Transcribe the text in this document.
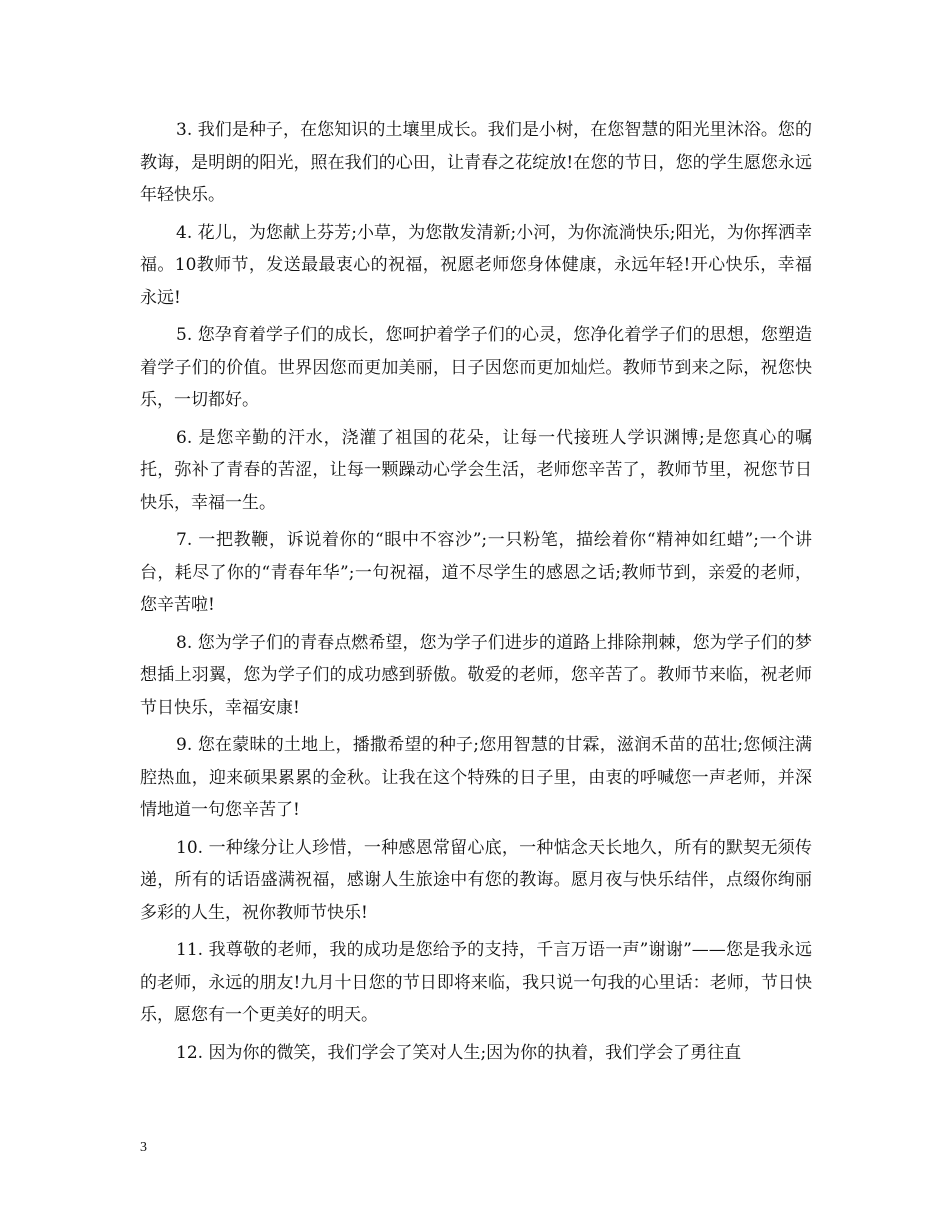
3. 我们是种子，在您知识的土壤里成长。我们是小树，在您智慧的阳光里沐浴。您的教诲，是明朗的阳光，照在我们的心田，让青春之花绽放!在您的节日，您的学生愿您永远年轻快乐。

4. 花儿，为您献上芬芳;小草，为您散发清新;小河，为你流淌快乐;阳光，为你挥洒幸福。10教师节，发送最最衷心的祝福，祝愿老师您身体健康，永远年轻!开心快乐，幸福永远!

5. 您孕育着学子们的成长，您呵护着学子们的心灵，您净化着学子们的思想，您塑造着学子们的价值。世界因您而更加美丽，日子因您而更加灿烂。教师节到来之际，祝您快乐，一切都好。

6. 是您辛勤的汗水，浇灌了祖国的花朵，让每一代接班人学识渊博;是您真心的嘱托，弥补了青春的苦涩，让每一颗躁动心学会生活，老师您辛苦了，教师节里，祝您节日快乐，幸福一生。

7. 一把教鞭，诉说着你的“眼中不容沙”;一只粉笔，描绘着你“精神如红蜡”;一个讲台，耗尽了你的“青春年华”;一句祝福，道不尽学生的感恩之话;教师节到，亲爱的老师，您辛苦啦!

8. 您为学子们的青春点燃希望，您为学子们进步的道路上排除荆棘，您为学子们的梦想插上羽翼，您为学子们的成功感到骄傲。敬爱的老师，您辛苦了。教师节来临，祝老师节日快乐，幸福安康!

9. 您在蒙昧的土地上，播撒希望的种子;您用智慧的甘霖，滋润禾苗的茁壮;您倾注满腔热血，迎来硕果累累的金秋。让我在这个特殊的日子里，由衷的呼喊您一声老师，并深情地道一句您辛苦了!

10. 一种缘分让人珍惜，一种感恩常留心底，一种惦念天长地久，所有的默契无须传递，所有的话语盛满祝福，感谢人生旅途中有您的教诲。愿月夜与快乐结伴，点缀你绚丽多彩的人生，祝你教师节快乐!

11. 我尊敬的老师，我的成功是您给予的支持，千言万语一声”谢谢”——您是我永远的老师，永远的朋友!九月十日您的节日即将来临，我只说一句我的心里话：老师，节日快乐，愿您有一个更美好的明天。

12. 因为你的微笑，我们学会了笑对人生;因为你的执着，我们学会了勇往直

3
